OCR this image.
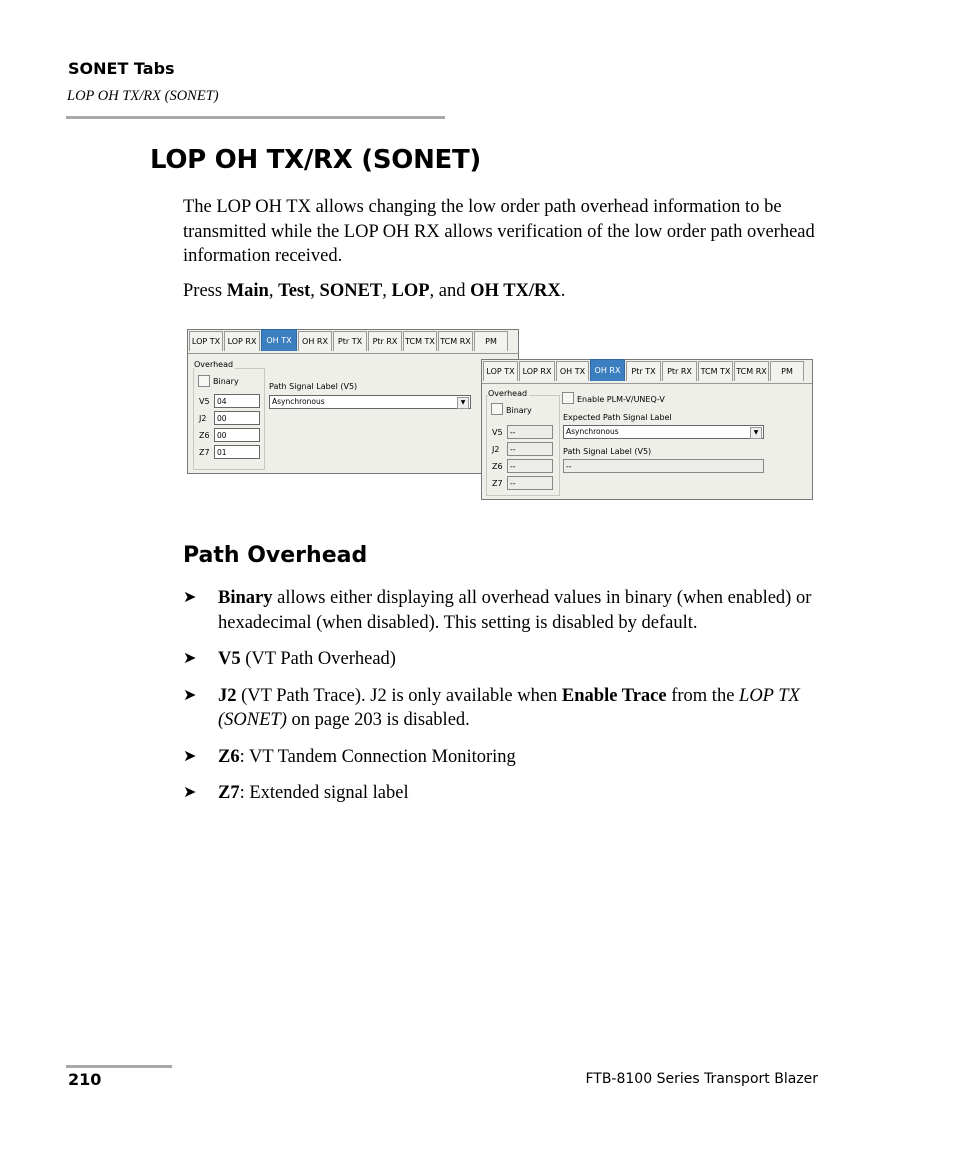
SONET Tabs
LOP OH TX/RX (SONET)
LOP OH TX/RX (SONET)
The LOP OH TX allows changing the low order path overhead information to be transmitted while the LOP OH RX allows verification of the low order path overhead information received.
Press Main, Test, SONET, LOP, and OH TX/RX.
LOP TX LOP RX	OH TX	OH RX	Ptr TX	Ptr RX TCM TX TCM RX	PM
Overhead
Binary
V5 04
J2	00
Z6 00
Z7 01
Path Signal Label (V5)
Asynchronous	▼
LOP TX LOP RX	OH TX	OH RX	Ptr TX	Ptr RX	TCM TX TCM RX	PM
Overhead
Binary
V5 --
J2	--
Z6 --
Z7 --
Enable PLM-V/UNEQ-V
Expected Path Signal Label
Asynchronous	▼
Path Signal Label (V5)
--
Path Overhead
➤ Binary allows either displaying all overhead values in binary (when enabled) or hexadecimal (when disabled). This setting is disabled by default.
➤ V5 (VT Path Overhead)
➤ J2 (VT Path Trace). J2 is only available when Enable Trace from the LOP TX (SONET) on page 203 is disabled.
➤ Z6: VT Tandem Connection Monitoring
➤ Z7: Extended signal label
210	FTB-8100 Series Transport Blazer
